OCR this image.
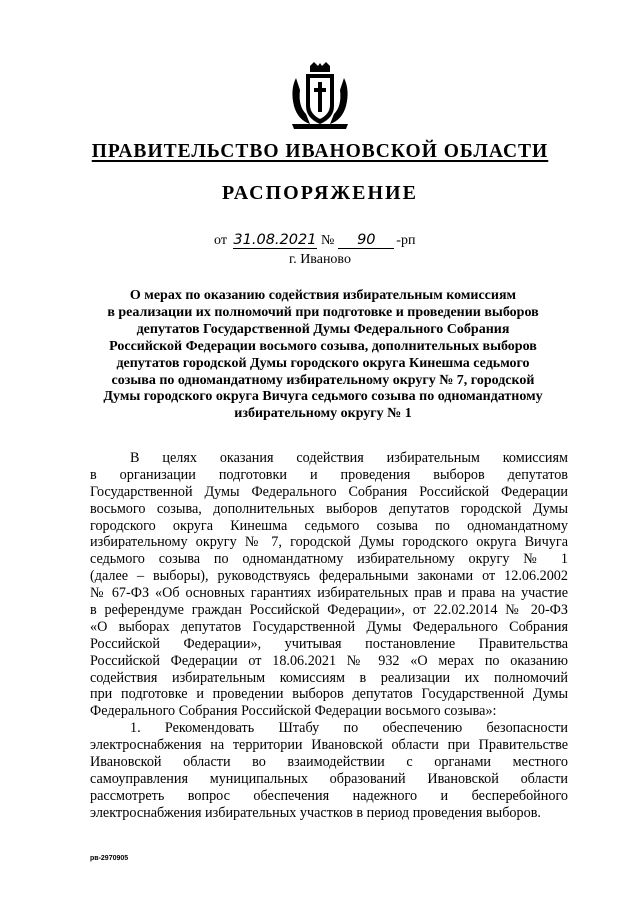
ПРАВИТЕЛЬСТВО ИВАНОВСКОЙ ОБЛАСТИ
РАСПОРЯЖЕНИЕ
от 31.08.2021 № 90 -рп
г. Иваново
О мерах по оказанию содействия избирательным комиссиям
в реализации их полномочий при подготовке и проведении выборов
депутатов Государственной Думы Федерального Собрания
Российской Федерации восьмого созыва, дополнительных выборов
депутатов городской Думы городского округа Кинешма седьмого
созыва по одномандатному избирательному округу № 7, городской
Думы городского округа Вичуга седьмого созыва по одномандатному
избирательному округу № 1
В целях оказания содействия избирательным комиссиям
в организации подготовки и проведения выборов депутатов
Государственной Думы Федерального Собрания Российской Федерации
восьмого созыва, дополнительных выборов депутатов городской Думы
городского округа Кинешма седьмого созыва по одномандатному
избирательному округу № 7, городской Думы городского округа Вичуга
седьмого созыва по одномандатному избирательному округу № 1
(далее – выборы), руководствуясь федеральными законами от 12.06.2002
№ 67-ФЗ «Об основных гарантиях избирательных прав и права на участие
в референдуме граждан Российской Федерации», от 22.02.2014 № 20-ФЗ
«О выборах депутатов Государственной Думы Федерального Собрания
Российской Федерации», учитывая постановление Правительства
Российской Федерации от 18.06.2021 № 932 «О мерах по оказанию
содействия избирательным комиссиям в реализации их полномочий
при подготовке и проведении выборов депутатов Государственной Думы
Федерального Собрания Российской Федерации восьмого созыва»:
1. Рекомендовать Штабу по обеспечению безопасности
электроснабжения на территории Ивановской области при Правительстве
Ивановской области во взаимодействии с органами местного
самоуправления муниципальных образований Ивановской области
рассмотреть вопрос обеспечения надежного и бесперебойного
электроснабжения избирательных участков в период проведения выборов.
рв-2970905
